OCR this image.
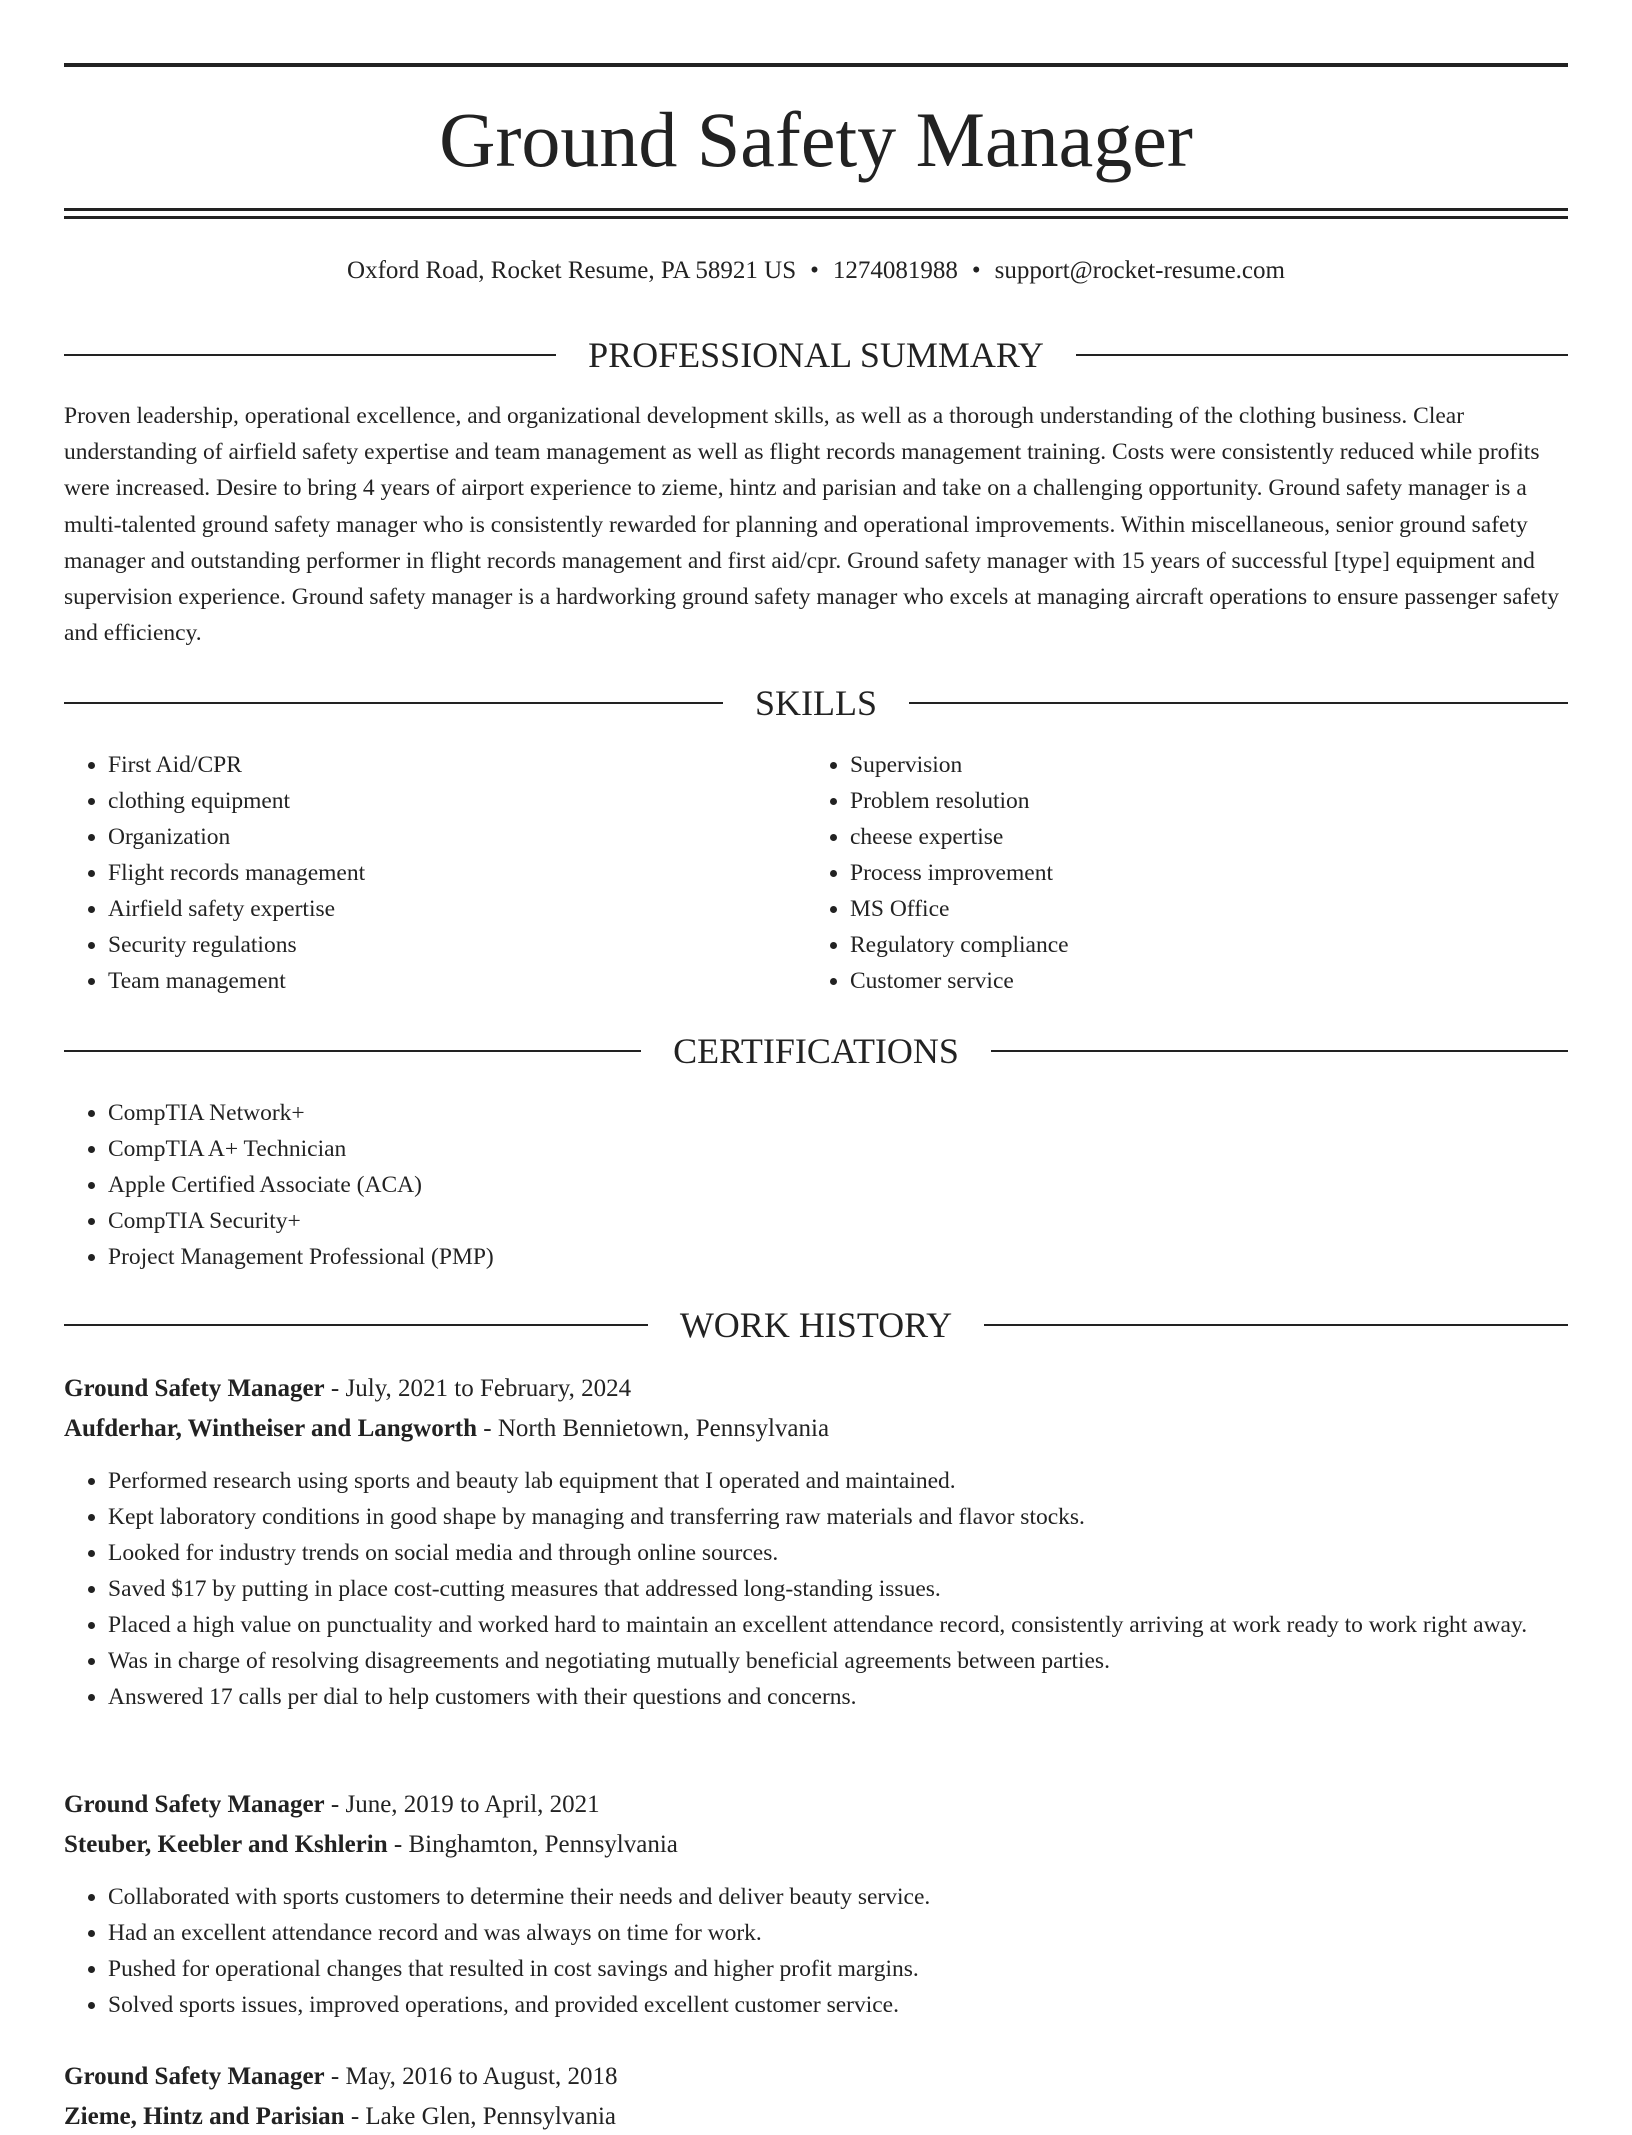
Ground Safety Manager
Oxford Road, Rocket Resume, PA 58921 US • 1274081988 • support@rocket-resume.com
PROFESSIONAL SUMMARY

Proven leadership, operational excellence, and organizational development skills, as well as a thorough understanding of the clothing business. Clear understanding of airfield safety expertise and team management as well as flight records management training. Costs were consistently reduced while profits were increased. Desire to bring 4 years of airport experience to zieme, hintz and parisian and take on a challenging opportunity. Ground safety manager is a multi-talented ground safety manager who is consistently rewarded for planning and operational improvements. Within miscellaneous, senior ground safety manager and outstanding performer in flight records management and first aid/cpr. Ground safety manager with 15 years of successful [type] equipment and supervision experience. Ground safety manager is a hardworking ground safety manager who excels at managing aircraft operations to ensure passenger safety and efficiency.

SKILLS
• First Aid/CPR
• clothing equipment
• Organization
• Flight records management
• Airfield safety expertise
• Security regulations
• Team management
• Supervision
• Problem resolution
• cheese expertise
• Process improvement
• MS Office
• Regulatory compliance
• Customer service
CERTIFICATIONS
• CompTIA Network+
• CompTIA A+ Technician
• Apple Certified Associate (ACA)
• CompTIA Security+
• Project Management Professional (PMP)
WORK HISTORY
Ground Safety Manager - July, 2021 to February, 2024
Aufderhar, Wintheiser and Langworth - North Bennietown, Pennsylvania
• Performed research using sports and beauty lab equipment that I operated and maintained.
• Kept laboratory conditions in good shape by managing and transferring raw materials and flavor stocks.
• Looked for industry trends on social media and through online sources.
• Saved $17 by putting in place cost-cutting measures that addressed long-standing issues.
• Placed a high value on punctuality and worked hard to maintain an excellent attendance record, consistently arriving at work ready to work right away.
• Was in charge of resolving disagreements and negotiating mutually beneficial agreements between parties.
• Answered 17 calls per dial to help customers with their questions and concerns.
Ground Safety Manager - June, 2019 to April, 2021
Steuber, Keebler and Kshlerin - Binghamton, Pennsylvania
• Collaborated with sports customers to determine their needs and deliver beauty service.
• Had an excellent attendance record and was always on time for work.
• Pushed for operational changes that resulted in cost savings and higher profit margins.
• Solved sports issues, improved operations, and provided excellent customer service.
Ground Safety Manager - May, 2016 to August, 2018
Zieme, Hintz and Parisian - Lake Glen, Pennsylvania
